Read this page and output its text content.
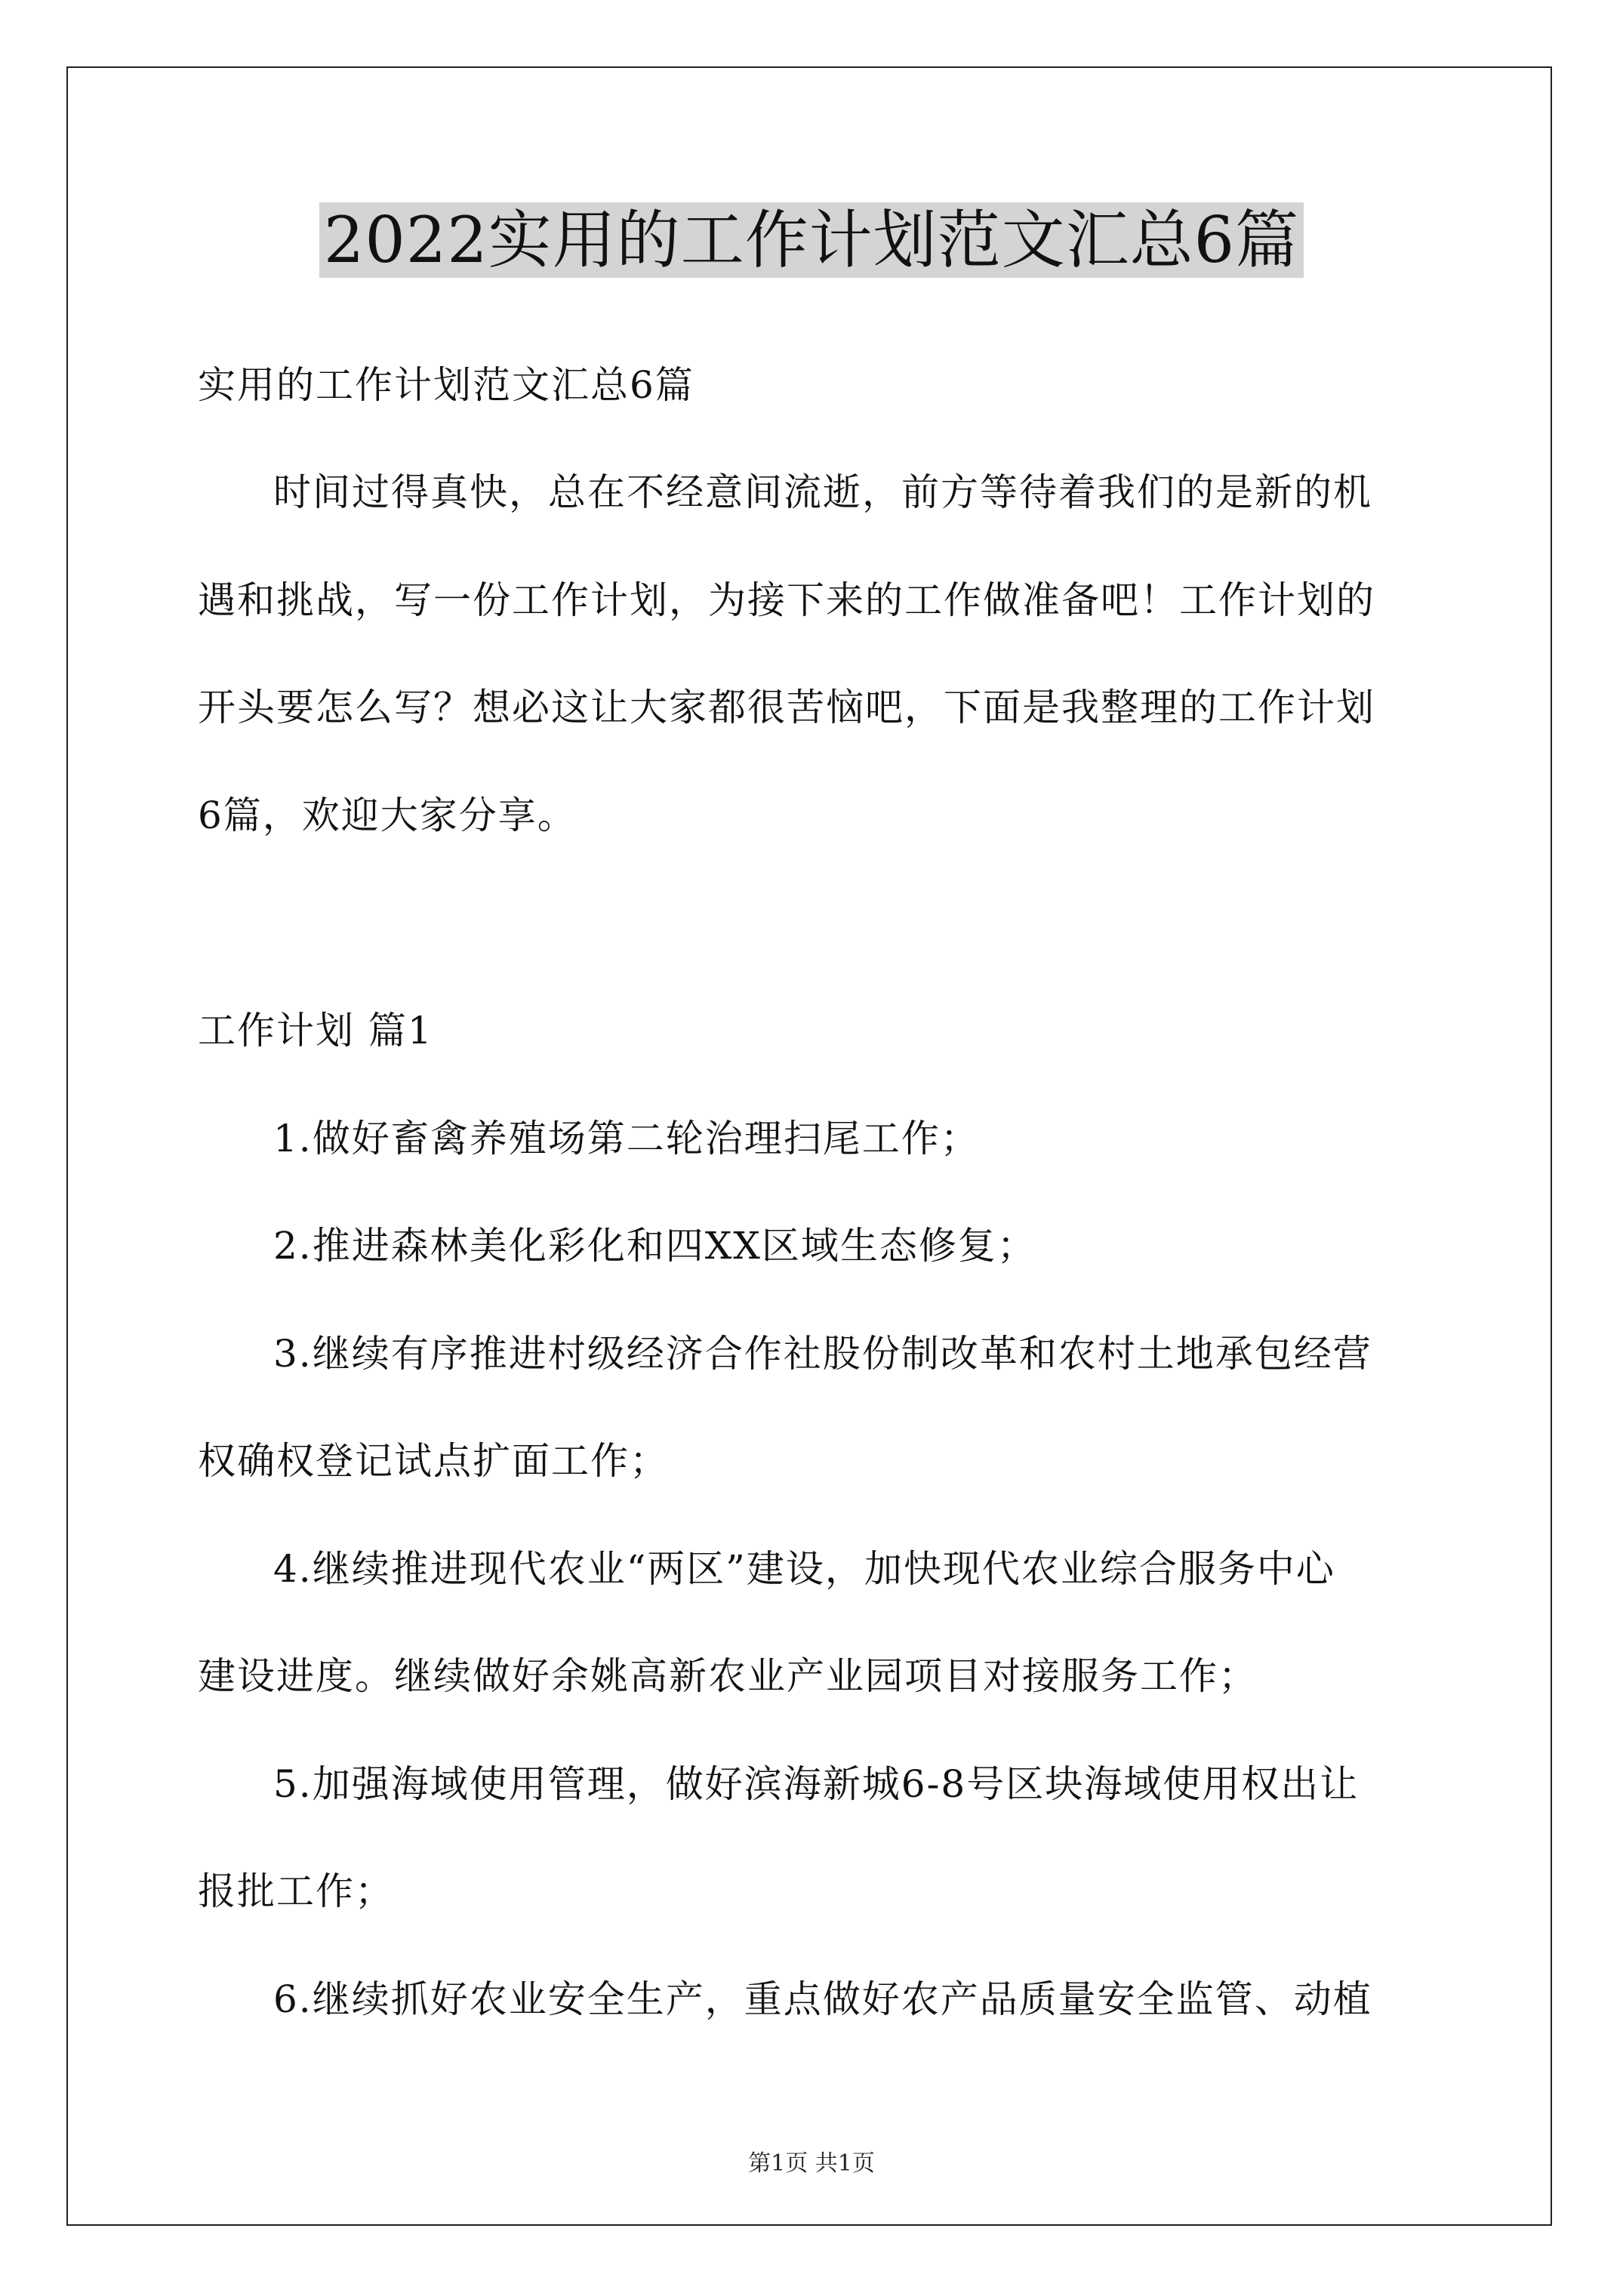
2022实用的工作计划范文汇总6篇
实用的工作计划范文汇总6篇
时间过得真快，总在不经意间流逝，前方等待着我们的是新的机
遇和挑战，写一份工作计划，为接下来的工作做准备吧！工作计划的
开头要怎么写？想必这让大家都很苦恼吧，下面是我整理的工作计划
6篇，欢迎大家分享。
工作计划 篇1
1.做好畜禽养殖场第二轮治理扫尾工作；
2.推进森林美化彩化和四XX区域生态修复；
3.继续有序推进村级经济合作社股份制改革和农村土地承包经营
权确权登记试点扩面工作；
4.继续推进现代农业“两区”建设，加快现代农业综合服务中心
建设进度。继续做好余姚高新农业产业园项目对接服务工作；
5.加强海域使用管理，做好滨海新城6-8号区块海域使用权出让
报批工作；
6.继续抓好农业安全生产，重点做好农产品质量安全监管、动植
第1页 共1页
